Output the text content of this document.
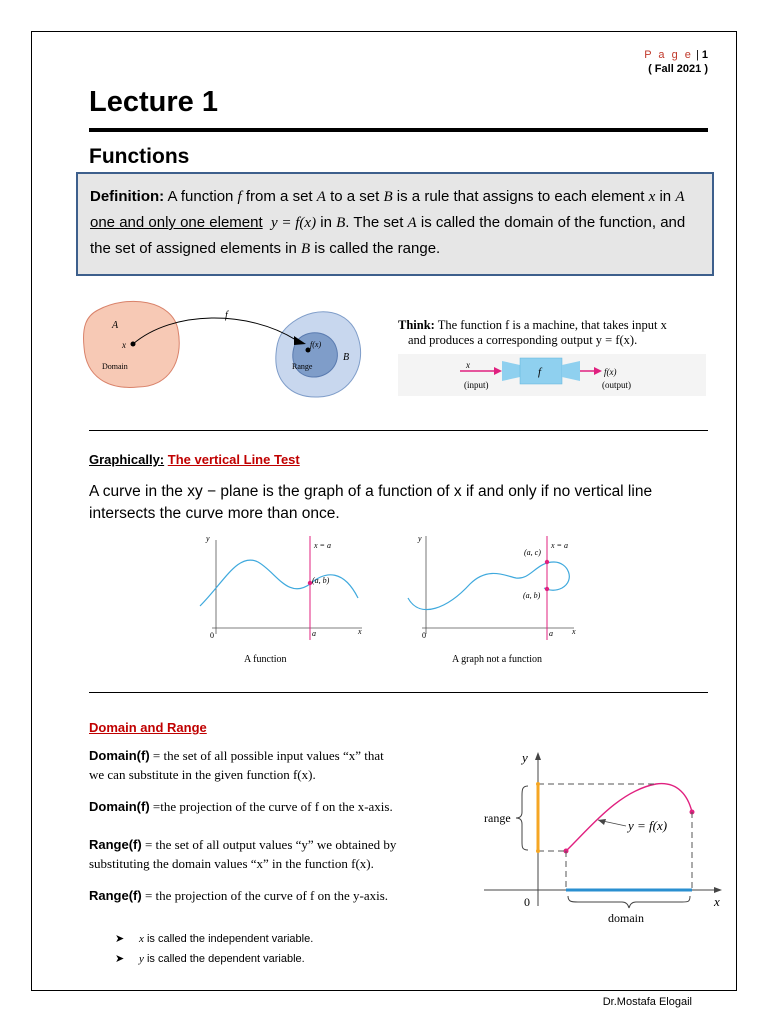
P a g e | 1
( Fall 2021 )
Lecture 1
Functions
Definition: A function f from a set A to a set B is a rule that assigns to each element x in A  one and only one element y = f(x) in B. The set A is called the domain of the function, and the set of assigned elements in B is called the range.
A
x
f
f(x)
B
Domain	Range
Think: The function f is a machine, that takes input x
and produces a corresponding output y = f(x).
x
(input)
f	f(x)
(output)
Graphically: The vertical Line Test
A curve in the xy − plane is the graph of a function of x if and only if no vertical line intersects the curve more than once.
y
x
0	a
x = a
(a, b)
A function
y
x
0	a
x = a
(a, c)
(a, b)
A graph not a function
Domain and Range
Domain(f) = the set of all possible input values “x” that
we can substitute in the given function f(x).
Domain(f) =the projection of the curve of f on the x-axis.
Range(f) = the set of all output values “y” we obtained by
substituting the domain values “x” in the function f(x).
Range(f) = the projection of the curve of f on the y-axis.
y
x
0
range	y = f(x)
domain
➤ x is called the independent variable.
➤ y is called the dependent variable.
Dr.Mostafa Elogail
